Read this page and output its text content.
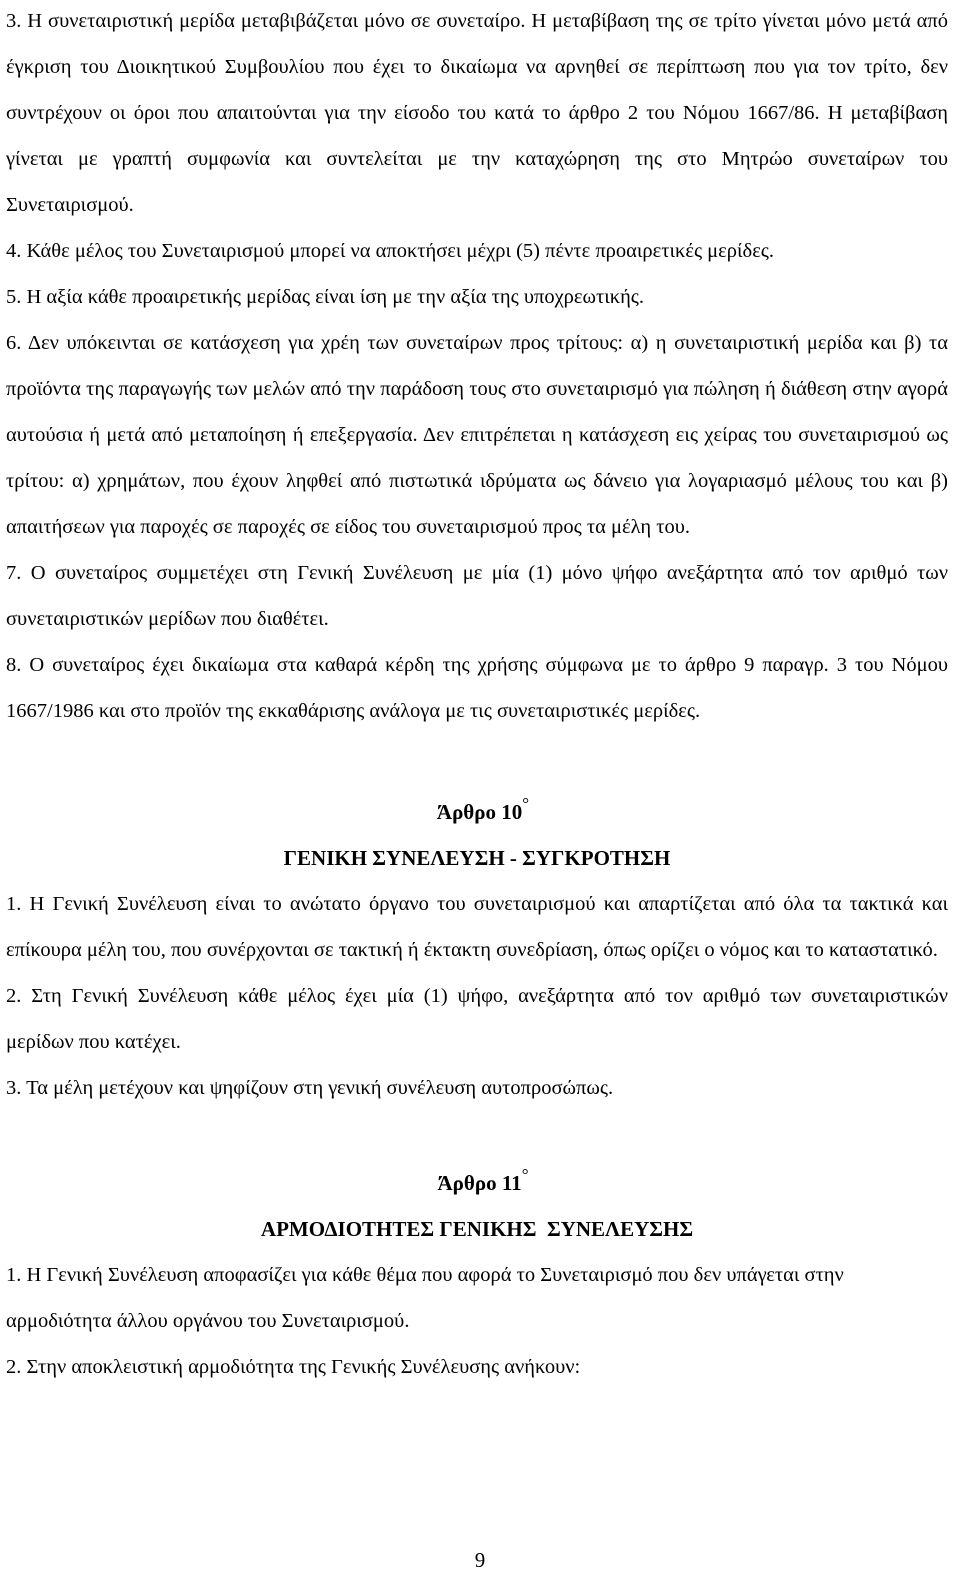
3. Η συνεταιριστική μερίδα μεταβιβάζεται μόνο σε συνεταίρο. Η μεταβίβαση της σε τρίτο γίνεται μόνο μετά από έγκριση του Διοικητικού Συμβουλίου που έχει το δικαίωμα να αρνηθεί σε περίπτωση που για τον τρίτο, δεν συντρέχουν οι όροι που απαιτούνται για την είσοδο του κατά το άρθρο 2 του Νόμου 1667/86. Η μεταβίβαση γίνεται με γραπτή συμφωνία και συντελείται με την καταχώρηση της στο Μητρώο συνεταίρων του Συνεταιρισμού.

4. Κάθε μέλος του Συνεταιρισμού μπορεί να αποκτήσει μέχρι (5) πέντε προαιρετικές μερίδες.

5. Η αξία κάθε προαιρετικής μερίδας είναι ίση με την αξία της υποχρεωτικής.

6. Δεν υπόκεινται σε κατάσχεση για χρέη των συνεταίρων προς τρίτους: α) η συνεταιριστική μερίδα και β) τα προϊόντα της παραγωγής των μελών από την παράδοση τους στο συνεταιρισμό για πώληση ή διάθεση στην αγορά αυτούσια ή μετά από μεταποίηση ή επεξεργασία. Δεν επιτρέπεται η κατάσχεση εις χείρας του συνεταιρισμού ως τρίτου: α) χρημάτων, που έχουν ληφθεί από πιστωτικά ιδρύματα ως δάνειο για λογαριασμό μέλους του και β) απαιτήσεων για παροχές σε παροχές σε είδος του συνεταιρισμού προς τα μέλη του.

7. Ο συνεταίρος συμμετέχει στη Γενική Συνέλευση με μία (1) μόνο ψήφο ανεξάρτητα από τον αριθμό των συνεταιριστικών μερίδων που διαθέτει.

8. Ο συνεταίρος έχει δικαίωμα στα καθαρά κέρδη της χρήσης σύμφωνα με το άρθρο 9 παραγρ. 3 του Νόμου 1667/1986 και στο προϊόν της εκκαθάρισης ανάλογα με τις συνεταιριστικές μερίδες.

Άρθρο 10°

ΓΕΝΙΚΗ ΣΥΝΕΛΕΥΣΗ - ΣΥΓΚΡΟΤΗΣΗ

1. Η Γενική Συνέλευση είναι το ανώτατο όργανο του συνεταιρισμού και απαρτίζεται από όλα τα τακτικά και επίκουρα μέλη του, που συνέρχονται σε τακτική ή έκτακτη συνεδρίαση, όπως ορίζει ο νόμος και το καταστατικό.

2. Στη Γενική Συνέλευση κάθε μέλος έχει μία (1) ψήφο, ανεξάρτητα από τον αριθμό των συνεταιριστικών μερίδων που κατέχει.

3. Τα μέλη μετέχουν και ψηφίζουν στη γενική συνέλευση αυτοπροσώπως.

Άρθρο 11°

ΑΡΜΟΔΙΟΤΗΤΕΣ ΓΕΝΙΚΗΣ  ΣΥΝΕΛΕΥΣΗΣ

1. Η Γενική Συνέλευση αποφασίζει για κάθε θέμα που αφορά το Συνεταιρισμό που δεν υπάγεται στην αρμοδιότητα άλλου οργάνου του Συνεταιρισμού.

2. Στην αποκλειστική αρμοδιότητα της Γενικής Συνέλευσης ανήκουν:

9
